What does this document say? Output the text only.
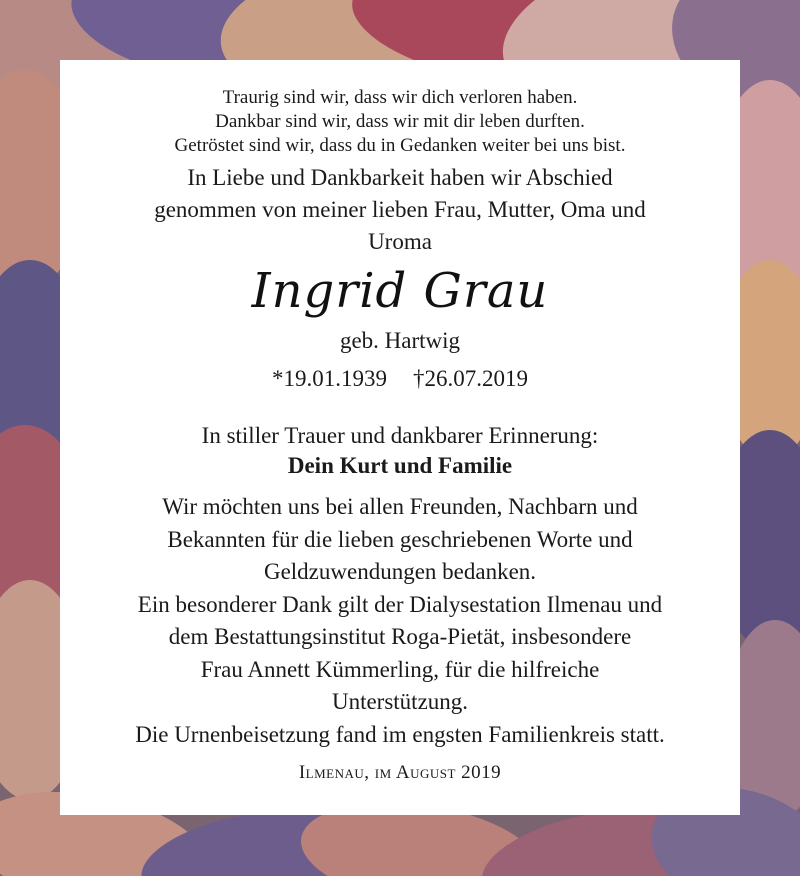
Traurig sind wir, dass wir dich verloren haben.

Dankbar sind wir, dass wir mit dir leben durften.

Getröstet sind wir, dass du in Gedanken weiter bei uns bist.

In Liebe und Dankbarkeit haben wir Abschied

genommen von meiner lieben Frau, Mutter, Oma und

Uroma

Ingrid Grau

geb. Hartwig

*19.01.1939 †26.07.2019

In stiller Trauer und dankbarer Erinnerung:

Dein Kurt und Familie

Wir möchten uns bei allen Freunden, Nachbarn und

Bekannten für die lieben geschriebenen Worte und

Geldzuwendungen bedanken.

Ein besonderer Dank gilt der Dialysestation Ilmenau und

dem Bestattungsinstitut Roga-Pietät, insbesondere

Frau Annett Kümmerling, für die hilfreiche

Unterstützung.

Die Urnenbeisetzung fand im engsten Familienkreis statt.

Ilmenau, im August 2019
